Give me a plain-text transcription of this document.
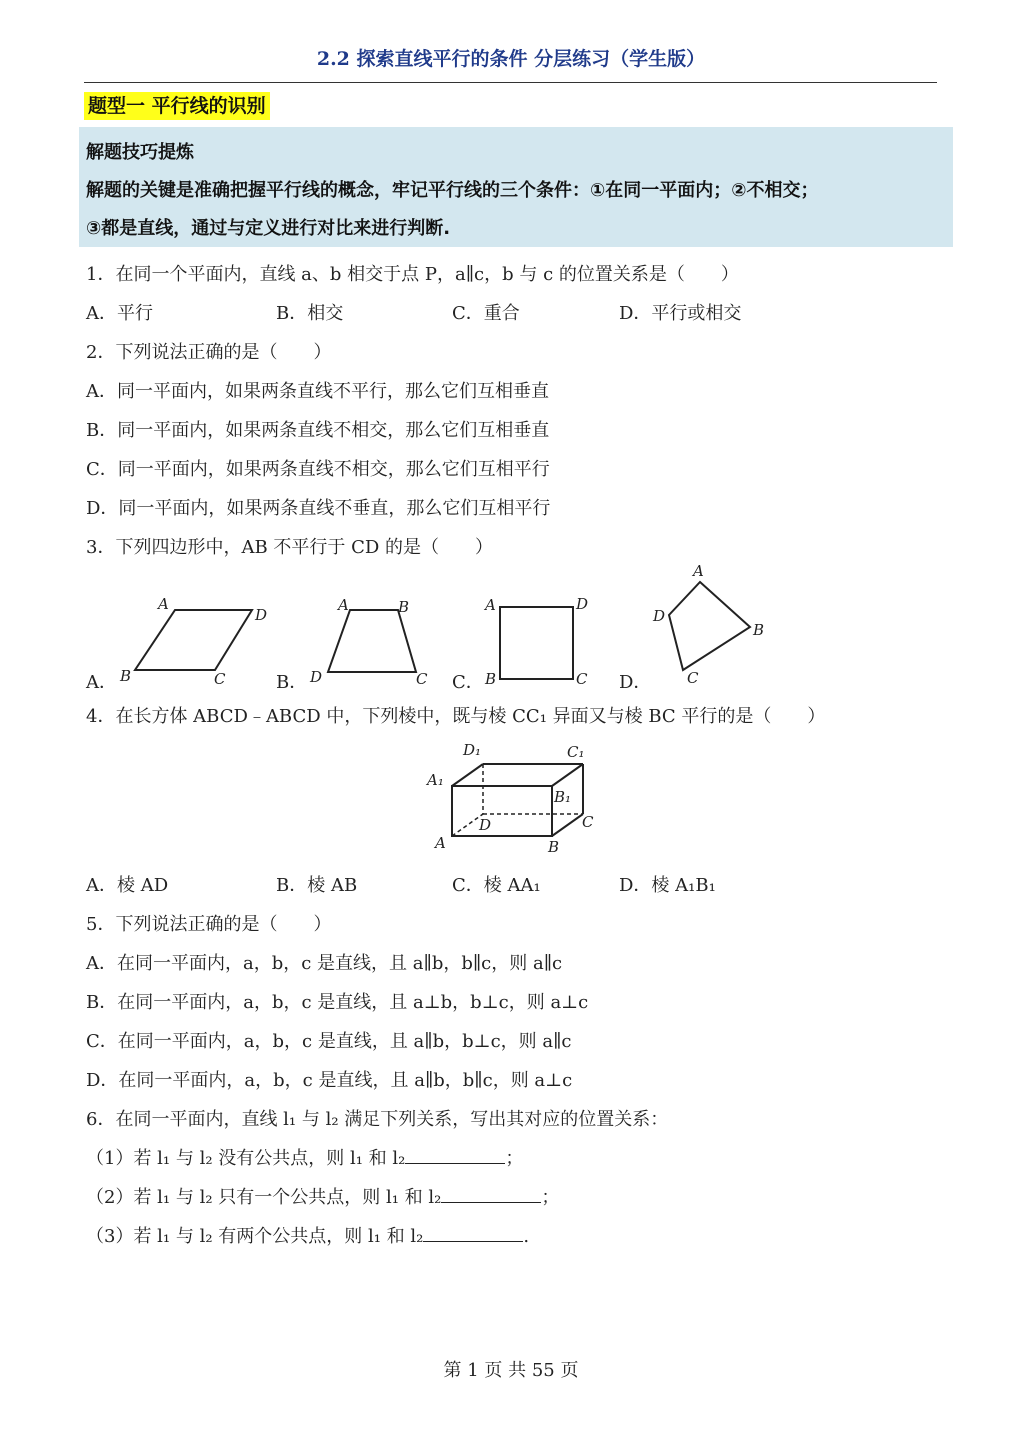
2.2 探索直线平行的条件 分层练习（学生版）
题型一 平行线的识别
解题技巧提炼
解题的关键是准确把握平行线的概念，牢记平行线的三个条件：①在同一平面内；②不相交；
③都是直线，通过与定义进行对比来进行判断.
1．在同一个平面内，直线 a、b 相交于点 P，a∥c，b 与 c 的位置关系是（　　）
A．平行	B．相交	C．重合	D．平行或相交
2．下列说法正确的是（　　）
A．同一平面内，如果两条直线不平行，那么它们互相垂直
B．同一平面内，如果两条直线不相交，那么它们互相垂直
C．同一平面内，如果两条直线不相交，那么它们互相平行
D．同一平面内，如果两条直线不垂直，那么它们互相平行
3．下列四边形中，AB 不平行于 CD 的是（　　）
A
D
B	C
A	B
D	C
A	D
B	C
A
B
D
C
A．	B．	C．	D．
4．在长方体 ABCD﹣ABCD 中，下列棱中，既与棱 CC₁ 异面又与棱 BC 平行的是（　　）
D₁	C₁
A₁
B₁
D	C
A	B
A．棱 AD	B．棱 AB	C．棱 AA₁	D．棱 A₁B₁
5．下列说法正确的是（　　）
A．在同一平面内，a，b，c 是直线，且 a∥b，b∥c，则 a∥c
B．在同一平面内，a，b，c 是直线，且 a⊥b，b⊥c，则 a⊥c
C．在同一平面内，a，b，c 是直线，且 a∥b，b⊥c，则 a∥c
D．在同一平面内，a，b，c 是直线，且 a∥b，b∥c，则 a⊥c
6．在同一平面内，直线 l₁ 与 l₂ 满足下列关系，写出其对应的位置关系：
（1）若 l₁ 与 l₂ 没有公共点，则 l₁ 和 l₂	；
（2）若 l₁ 与 l₂ 只有一个公共点，则 l₁ 和 l₂	；
（3）若 l₁ 与 l₂ 有两个公共点，则 l₁ 和 l₂	.
第 1 页 共 55 页
